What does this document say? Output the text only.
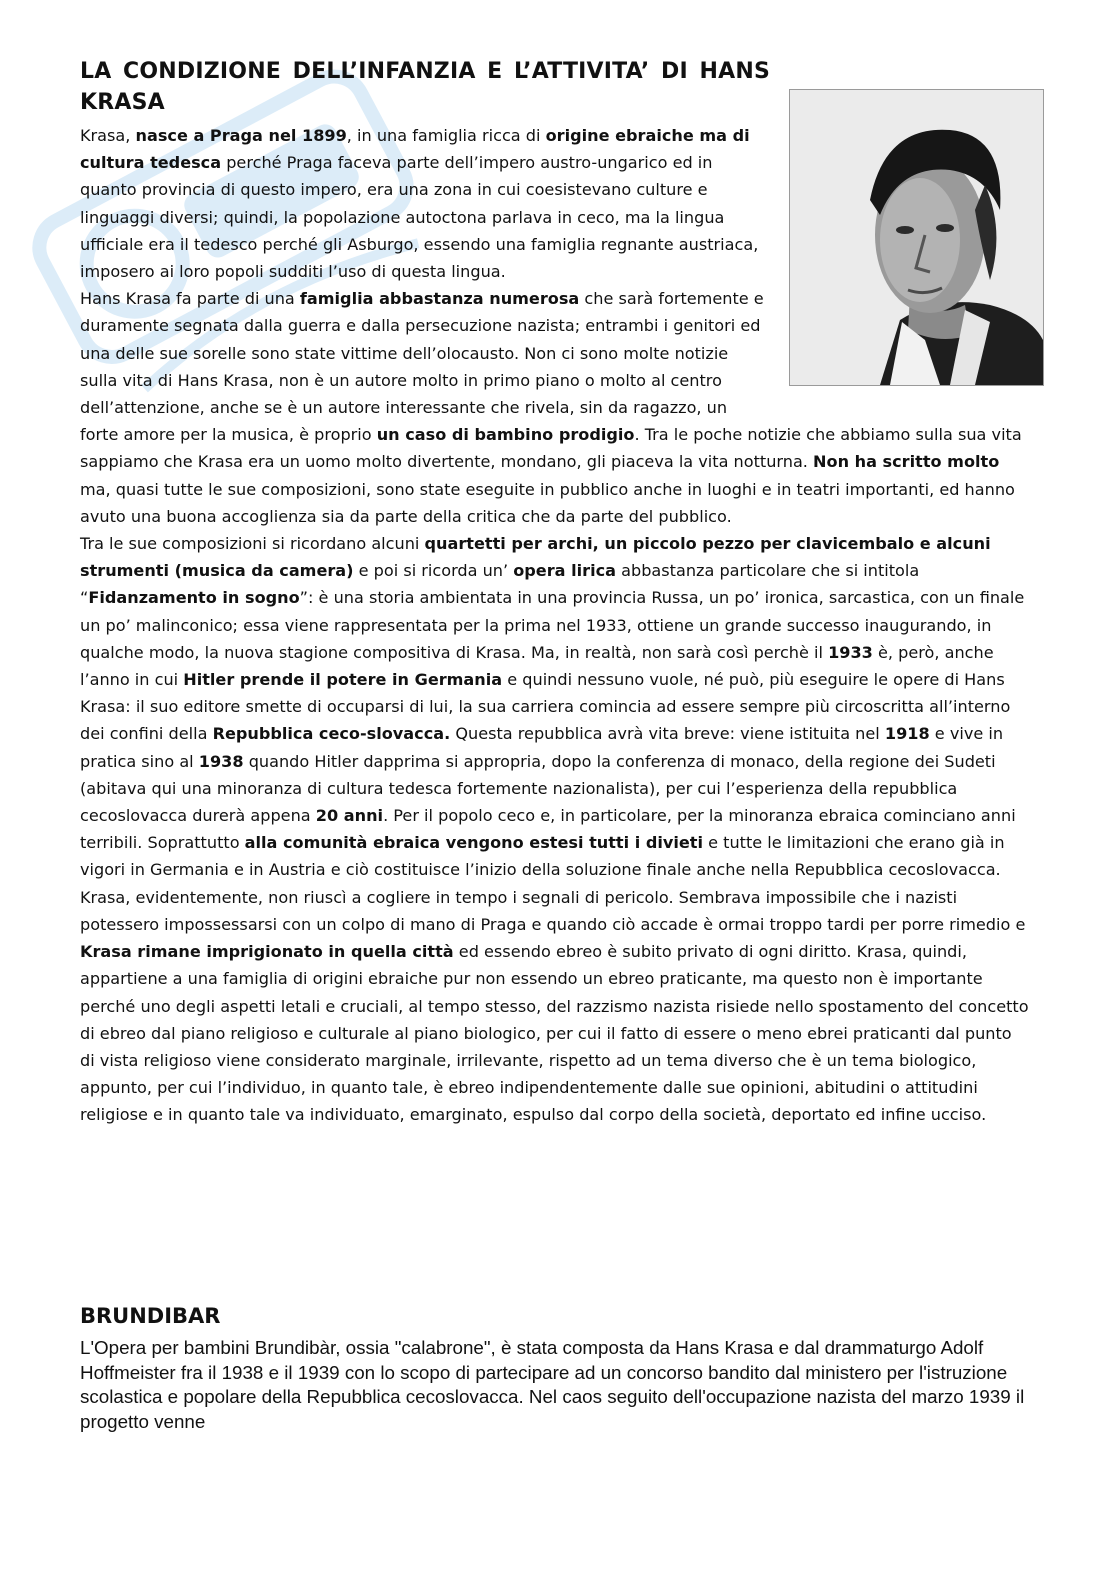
LA CONDIZIONE DELL’INFANZIA E L’ATTIVITA’ DI HANS KRASA

Krasa, nasce a Praga nel 1899, in una famiglia ricca di origine ebraiche ma di cultura tedesca perché Praga faceva parte dell’impero austro-ungarico ed in quanto provincia di questo impero, era una zona in cui coesistevano culture e linguaggi diversi; quindi, la popolazione autoctona parlava in ceco, ma la lingua ufficiale era il tedesco perché gli Asburgo, essendo una famiglia regnante austriaca, imposero ai loro popoli sudditi l’uso di questa lingua.

Hans Krasa fa parte di una famiglia abbastanza numerosa che sarà fortemente e duramente segnata dalla guerra e dalla persecuzione nazista; entrambi i genitori ed una delle sue sorelle sono state vittime dell’olocausto. Non ci sono molte notizie sulla vita di Hans Krasa, non è un autore molto in primo piano o molto al centro dell’attenzione, anche se è un autore interessante che rivela, sin da ragazzo, un forte amore per la musica, è proprio un caso di bambino prodigio. Tra le poche notizie che abbiamo sulla sua vita sappiamo che Krasa era un uomo molto divertente, mondano, gli piaceva la vita notturna. Non ha scritto molto ma, quasi tutte le sue composizioni, sono state eseguite in pubblico anche in luoghi e in teatri importanti, ed hanno avuto una buona accoglienza sia da parte della critica che da parte del pubblico.

Tra le sue composizioni si ricordano alcuni quartetti per archi, un piccolo pezzo per clavicembalo e alcuni strumenti (musica da camera) e poi si ricorda un’ opera lirica abbastanza particolare che si intitola “Fidanzamento in sogno”: è una storia ambientata in una provincia Russa, un po’ ironica, sarcastica, con un finale un po’ malinconico; essa viene rappresentata per la prima nel 1933, ottiene un grande successo inaugurando, in qualche modo, la nuova stagione compositiva di Krasa. Ma, in realtà, non sarà così perchè il 1933 è, però, anche l’anno in cui Hitler prende il potere in Germania e quindi nessuno vuole, né può, più eseguire le opere di Hans Krasa: il suo editore smette di occuparsi di lui, la sua carriera comincia ad essere sempre più circoscritta all’interno dei confini della Repubblica ceco-slovacca. Questa repubblica avrà vita breve: viene istituita nel 1918 e vive in pratica sino al 1938 quando Hitler dapprima si appropria, dopo la conferenza di monaco, della regione dei Sudeti (abitava qui una minoranza di cultura tedesca fortemente nazionalista), per cui l’esperienza della repubblica cecoslovacca durerà appena 20 anni. Per il popolo ceco e, in particolare, per la minoranza ebraica cominciano anni terribili. Soprattutto alla comunità ebraica vengono estesi tutti i divieti e tutte le limitazioni che erano già in vigori in Germania e in Austria e ciò costituisce l’inizio della soluzione finale anche nella Repubblica cecoslovacca. Krasa, evidentemente, non riuscì a cogliere in tempo i segnali di pericolo. Sembrava impossibile che i nazisti potessero impossessarsi con un colpo di mano di Praga e quando ciò accade è ormai troppo tardi per porre rimedio e Krasa rimane imprigionato in quella città ed essendo ebreo è subito privato di ogni diritto. Krasa, quindi, appartiene a una famiglia di origini ebraiche pur non essendo un ebreo praticante, ma questo non è importante perché uno degli aspetti letali e cruciali, al tempo stesso, del razzismo nazista risiede nello spostamento del concetto di ebreo dal piano religioso e culturale al piano biologico, per cui il fatto di essere o meno ebrei praticanti dal punto di vista religioso viene considerato marginale, irrilevante, rispetto ad un tema diverso che è un tema biologico, appunto, per cui l’individuo, in quanto tale, è ebreo indipendentemente dalle sue opinioni, abitudini o attitudini religiose e in quanto tale va individuato, emarginato, espulso dal corpo della società, deportato ed infine ucciso.

BRUNDIBAR

L'Opera per bambini Brundibàr, ossia "calabrone", è stata composta da Hans Krasa e dal drammaturgo Adolf Hoffmeister fra il 1938 e il 1939 con lo scopo di partecipare ad un concorso bandito dal ministero per l'istruzione scolastica e popolare della Repubblica cecoslovacca. Nel caos seguito dell'occupazione nazista del marzo 1939 il progetto venne
